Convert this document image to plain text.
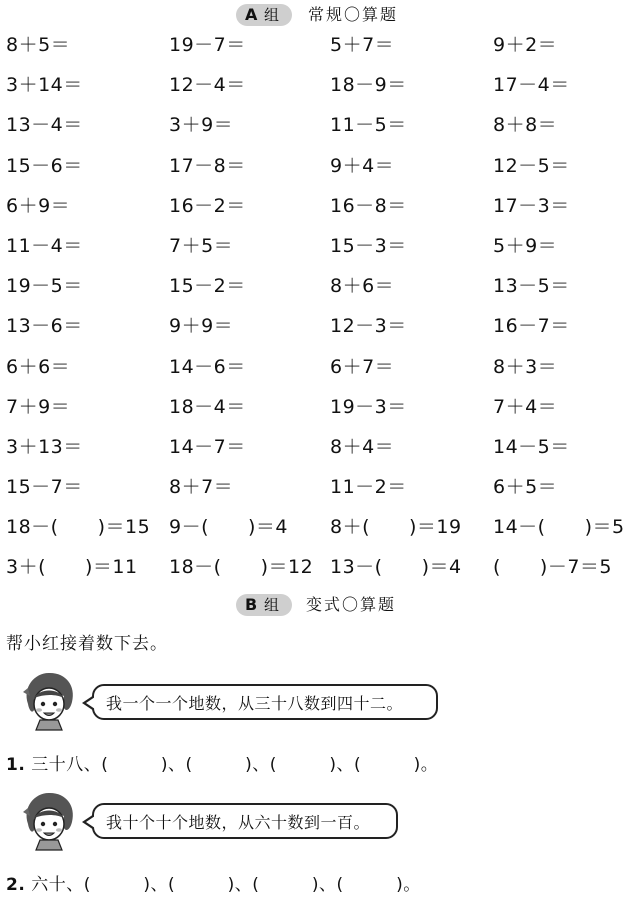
A 组 常规〇算题
8＋5＝	19－7＝	5＋7＝	9＋2＝
3＋14＝	12－4＝	18－9＝	17－4＝
13－4＝	3＋9＝	11－5＝	8＋8＝
15－6＝	17－8＝	9＋4＝	12－5＝
6＋9＝	16－2＝	16－8＝	17－3＝
11－4＝	7＋5＝	15－3＝	5＋9＝
19－5＝	15－2＝	8＋6＝	13－5＝
13－6＝	9＋9＝	12－3＝	16－7＝
6＋6＝	14－6＝	6＋7＝	8＋3＝
7＋9＝	18－4＝	19－3＝	7＋4＝
3＋13＝	14－7＝	8＋4＝	14－5＝
15－7＝	8＋7＝	11－2＝	6＋5＝
18－(　　)＝15 9－(　　)＝4 8＋(　　)＝19 14－(　　)＝5
3＋(　　)＝11 18－(　　)＝12 13－(　　)＝4 (　　)－7＝5
B 组 变式〇算题
帮小红接着数下去。
我一个一个地数，从三十八数到四十二。
1. 三十八、(　　　)、(　　　)、(　　　)、(　　　)。
我十个十个地数，从六十数到一百。
2. 六十、(　　　)、(　　　)、(　　　)、(　　　)。
